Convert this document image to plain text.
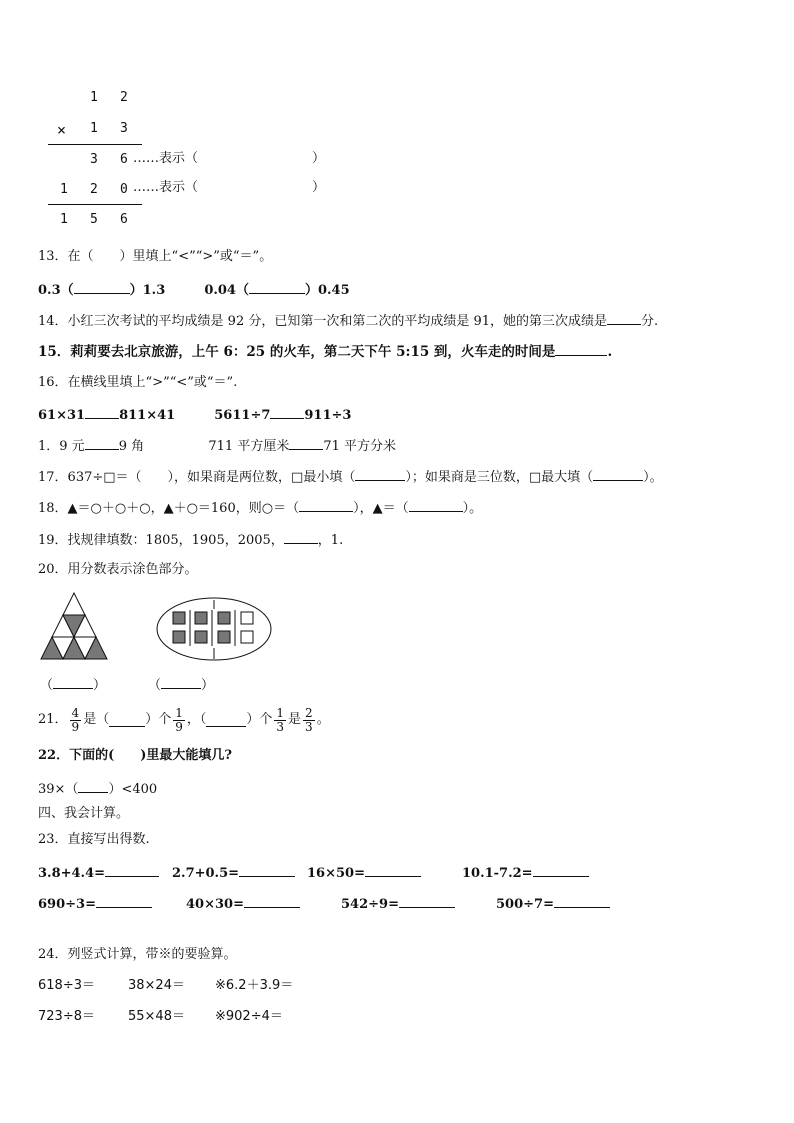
1 2
× 1 3
3 6 ……表示（	）
1 2 0 ……表示（	）
1 5 6
13．在（　　）里填上“<”“>”或“＝”。
0.3（	）1.3	0.04（	）0.45
14．小红三次考试的平均成绩是 92 分，已知第一次和第二次的平均成绩是 91，她的第三次成绩是	分.
15．莉莉要去北京旅游，上午 6：25 的火车，第二天下午 5:15 到，火车走的时间是	.
16．在横线里填上“>”“<”或“＝”.
61×31	811×41	5611÷7	911÷3
1．9 元	9 角	711 平方厘米	71 平方分米
17．637÷□＝（　　），如果商是两位数，□最小填（	）；如果商是三位数，□最大填（	）。
18．▲＝○＋○＋○，▲＋○＝160，则○＝（	），▲＝（	）。
19．找规律填数：1805，1905，2005，	，1.
20．用分数表示涂色部分。
（	）	（	）
21． $\frac{4}{9}$ 是（	）个 $\frac{1}{9}$ ，（	）个 $\frac{1}{3}$ 是 $\frac{2}{3}$ 。
22．下面的(　　)里最大能填几?
39×（ ）<400
四、我会计算。
23．直接写出得数.
3.8+4.4=	2.7+0.5=	16×50=	10.1-7.2=
690÷3=	40×30=	542÷9=	500÷7=
24．列竖式计算，带※的要验算。
618÷3＝	38×24＝ ※6.2＋3.9＝
723÷8＝	55×48＝ ※902÷4＝
